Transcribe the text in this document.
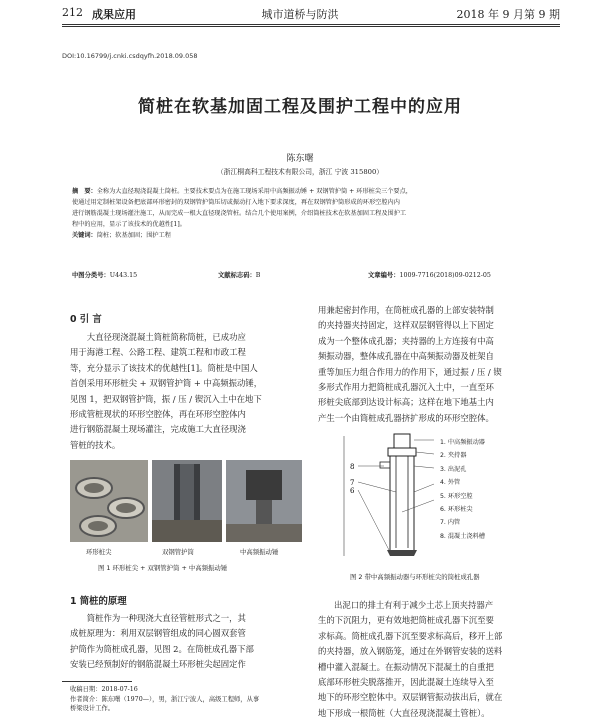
212 成果应用	城市道桥与防洪	2018 年 9 月第 9 期
DOI:10.16799/j.cnki.csdqyfh.2018.09.058
简桩在软基加固工程及围护工程中的应用
陈东曙
（浙江桐高科工程技术有限公司，浙江 宁波 315800）
摘　要：全称为大直径现浇混凝土筒桩。主要技术要点为在施工现场采用中高频振动锤 + 双钢管护筒 + 环形桩尖三个要点，
使通过用定制桩架设备把底部环形密封的双钢管护筒压切或振动打入地下要求深度，再在双钢管护筒形成的环形空腔内内
进行钢筋混凝土现场灌注施工，从而完成一根大直径现浇管桩。结合几个使用案例，介绍筒桩技术在软基加固工程及围护工
程中的应用，显示了该技术的优越性[1]。
关键词：筒桩；软基加固；围护工程
中图分类号：U443.15	文献标志码：B	文章编号：1009-7716(2018)09-0212-05
0 引 言
　　大直径现浇混凝土筒桩简称筒桩，已成功应
用于海港工程、公路工程、建筑工程和市政工程
等，充分显示了该技术的优越性[1]。筒桩是中国人
首创采用环形桩尖 + 双钢管护筒 + 中高频振动锤，
见图 1，把双钢管护筒，振 / 压 / 锲沉入土中在地下
形成管桩现状的环形空腔体，再在环形空腔体内
进行钢筋混凝土现场灌注，完成施工大直径现浇
管桩的技术。
环形桩尖	双钢管护筒	中高频振动锤
图 1 环形桩尖 + 双钢管护筒 + 中高频振动锤
1 筒桩的原理
　　筒桩作为一种现浇大直径管桩形式之一，其
成桩原理为：利用双层钢管组成的同心圆双套管
护筒作为筒桩成孔器，见图 2。在筒桩成孔器下部
安装已经预制好的钢筋混凝土环形桩尖起固定作
收稿日期：2018-07-16
作者简介：陈东曙（1970—），男，浙江宁波人，高级工程师，从事
桥梁设计工作。
用兼起密封作用，在筒桩成孔器的上部安装特制
的夹持器夹持固定，这样双层钢管得以上下固定
成为一个整体成孔器；夹持器的上方连接有中高
频振动器，整体成孔器在中高频振动器及桩架自
重等加压力组合作用力的作用下，通过振 / 压 / 锲
多形式作用力把筒桩成孔器沉入土中，一直至环
形桩尖底部到达设计标高；这样在地下地基土内
产生一个由筒桩成孔器挤扩形成的环形空腔体。
8
7
6
1. 中高频振动器
2. 夹持器
3. 出泥孔
4. 外管
5. 环形空腔
6. 环形桩尖
7. 内管
8. 混凝土浇料槽
图 2 带中高频振动器与环形桩尖的筒桩成孔器
出泥口的排土有利于减少土芯上顶夹持器产
生的下沉阻力，更有效地把筒桩成孔器下沉至要
求标高。筒桩成孔器下沉至要求标高后，移开上部
的夹持器，放入钢筋笼，通过在外钢管安装的送料
槽中灌入混凝土。在振动情况下混凝土的自重把
底部环形桩尖脱落推开，因此混凝土连续导入至
地下的环形空腔体中。双层钢管振动拔出后，就在
地下形成一根筒桩（大直径现浇混凝土管桩）。
